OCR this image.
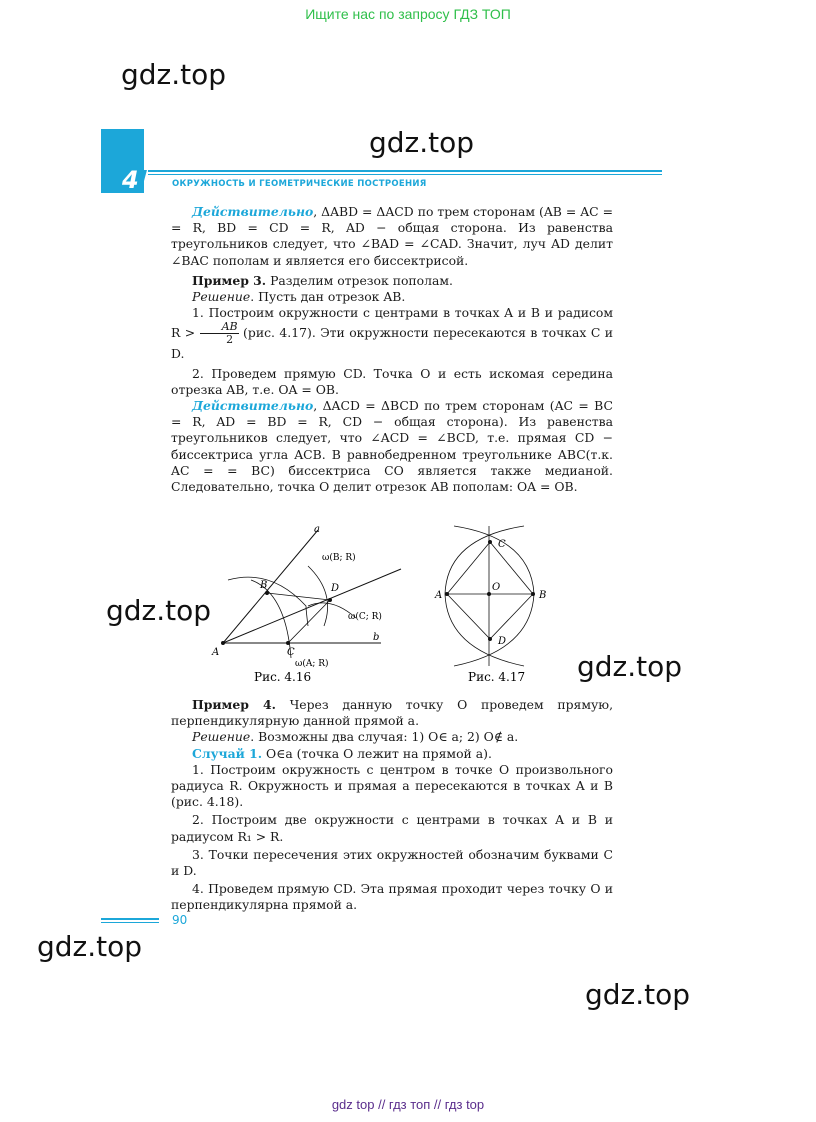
Ищите нас по запросу ГДЗ ТОП
gdz.top
gdz.top
gdz.top
gdz.top
gdz.top
gdz.top
4	ОКРУЖНОСТЬ И ГЕОМЕТРИЧЕСКИЕ ПОСТРОЕНИЯ

Действительно, ΔABD = ΔACD по трем сторонам (AB = AC = = R, BD = CD = R, AD − общая сторона. Из равенства треугольников следует, что ∠BAD = ∠CAD. Значит, луч AD делит ∠BAC пополам и является его биссектрисой.

Пример 3. Разделим отрезок пополам.

Решение. Пусть дан отрезок AB.

1. Построим окружности с центрами в точках A и B и радисом $R > \frac{AB}{2} (рис$. 4.17). Эти окружности пересекаются в точках C и D.

2. Проведем прямую CD. Точка O и есть искомая середина отрезка AB, т.е. OA = OB.

Действительно, ΔACD = ΔBCD по трем сторонам (AC = BC = R, AD = BD = R, CD − общая сторона). Из равенства треугольников следует, что ∠ACD = ∠BCD, т.е. прямая CD − биссектриса угла ACB. В равнобедренном треугольнике ABC(т.к. AC = = BC) биссектриса CO является также медианой. Следовательно, точка O делит отрезок AB пополам: OA = OB.

a
b
A
B
C
D
ω(B; R)
ω(C; R)
ω(A; R)
Рис. 4.16
A	B
C
D
O
Рис. 4.17

Пример 4. Через данную точку O проведем прямую, перпендикулярную данной прямой a.

Решение. Возможны два случая: 1) O∈ a; 2) O∉ a.

Случай 1. O∈a (точка O лежит на прямой a).

1. Построим окружность с центром в точке O произвольного радиуса R. Окружность и прямая a пересекаются в точках A и B (рис. 4.18).

2. Построим две окружности с центрами в точках A и B и радиусом R₁ > R.

3. Точки пересечения этих окружностей обозначим буквами C и D.

4. Проведем прямую CD. Эта прямая проходит через точку O и перпендикулярна прямой a.

90
gdz top // гдз топ // гдз top
